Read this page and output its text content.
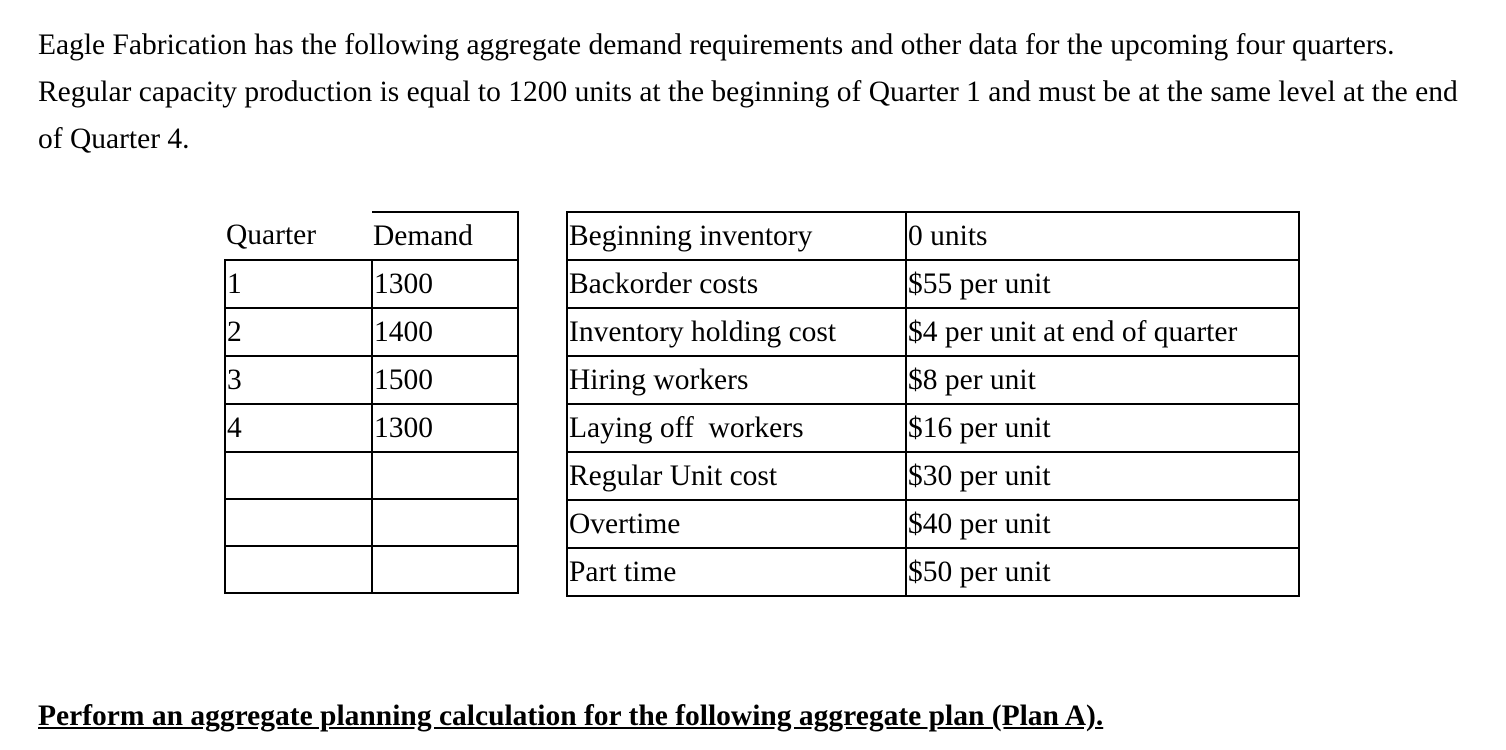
Eagle Fabrication has the following aggregate demand requirements and other data for the upcoming four quarters. Regular capacity production is equal to 1200 units at the beginning of Quarter 1 and must be at the same level at the end of Quarter 4.

Quarter	Demand
1	1300
2	1400
3	1500
4	1300

Beginning inventory	0 units
Backorder costs	$55 per unit
Inventory holding cost	$4 per unit at end of quarter
Hiring workers	$8 per unit
Laying off  workers	$16 per unit
Regular Unit cost	$30 per unit
Overtime	$40 per unit
Part time	$50 per unit

Perform an aggregate planning calculation for the following aggregate plan (Plan A).
